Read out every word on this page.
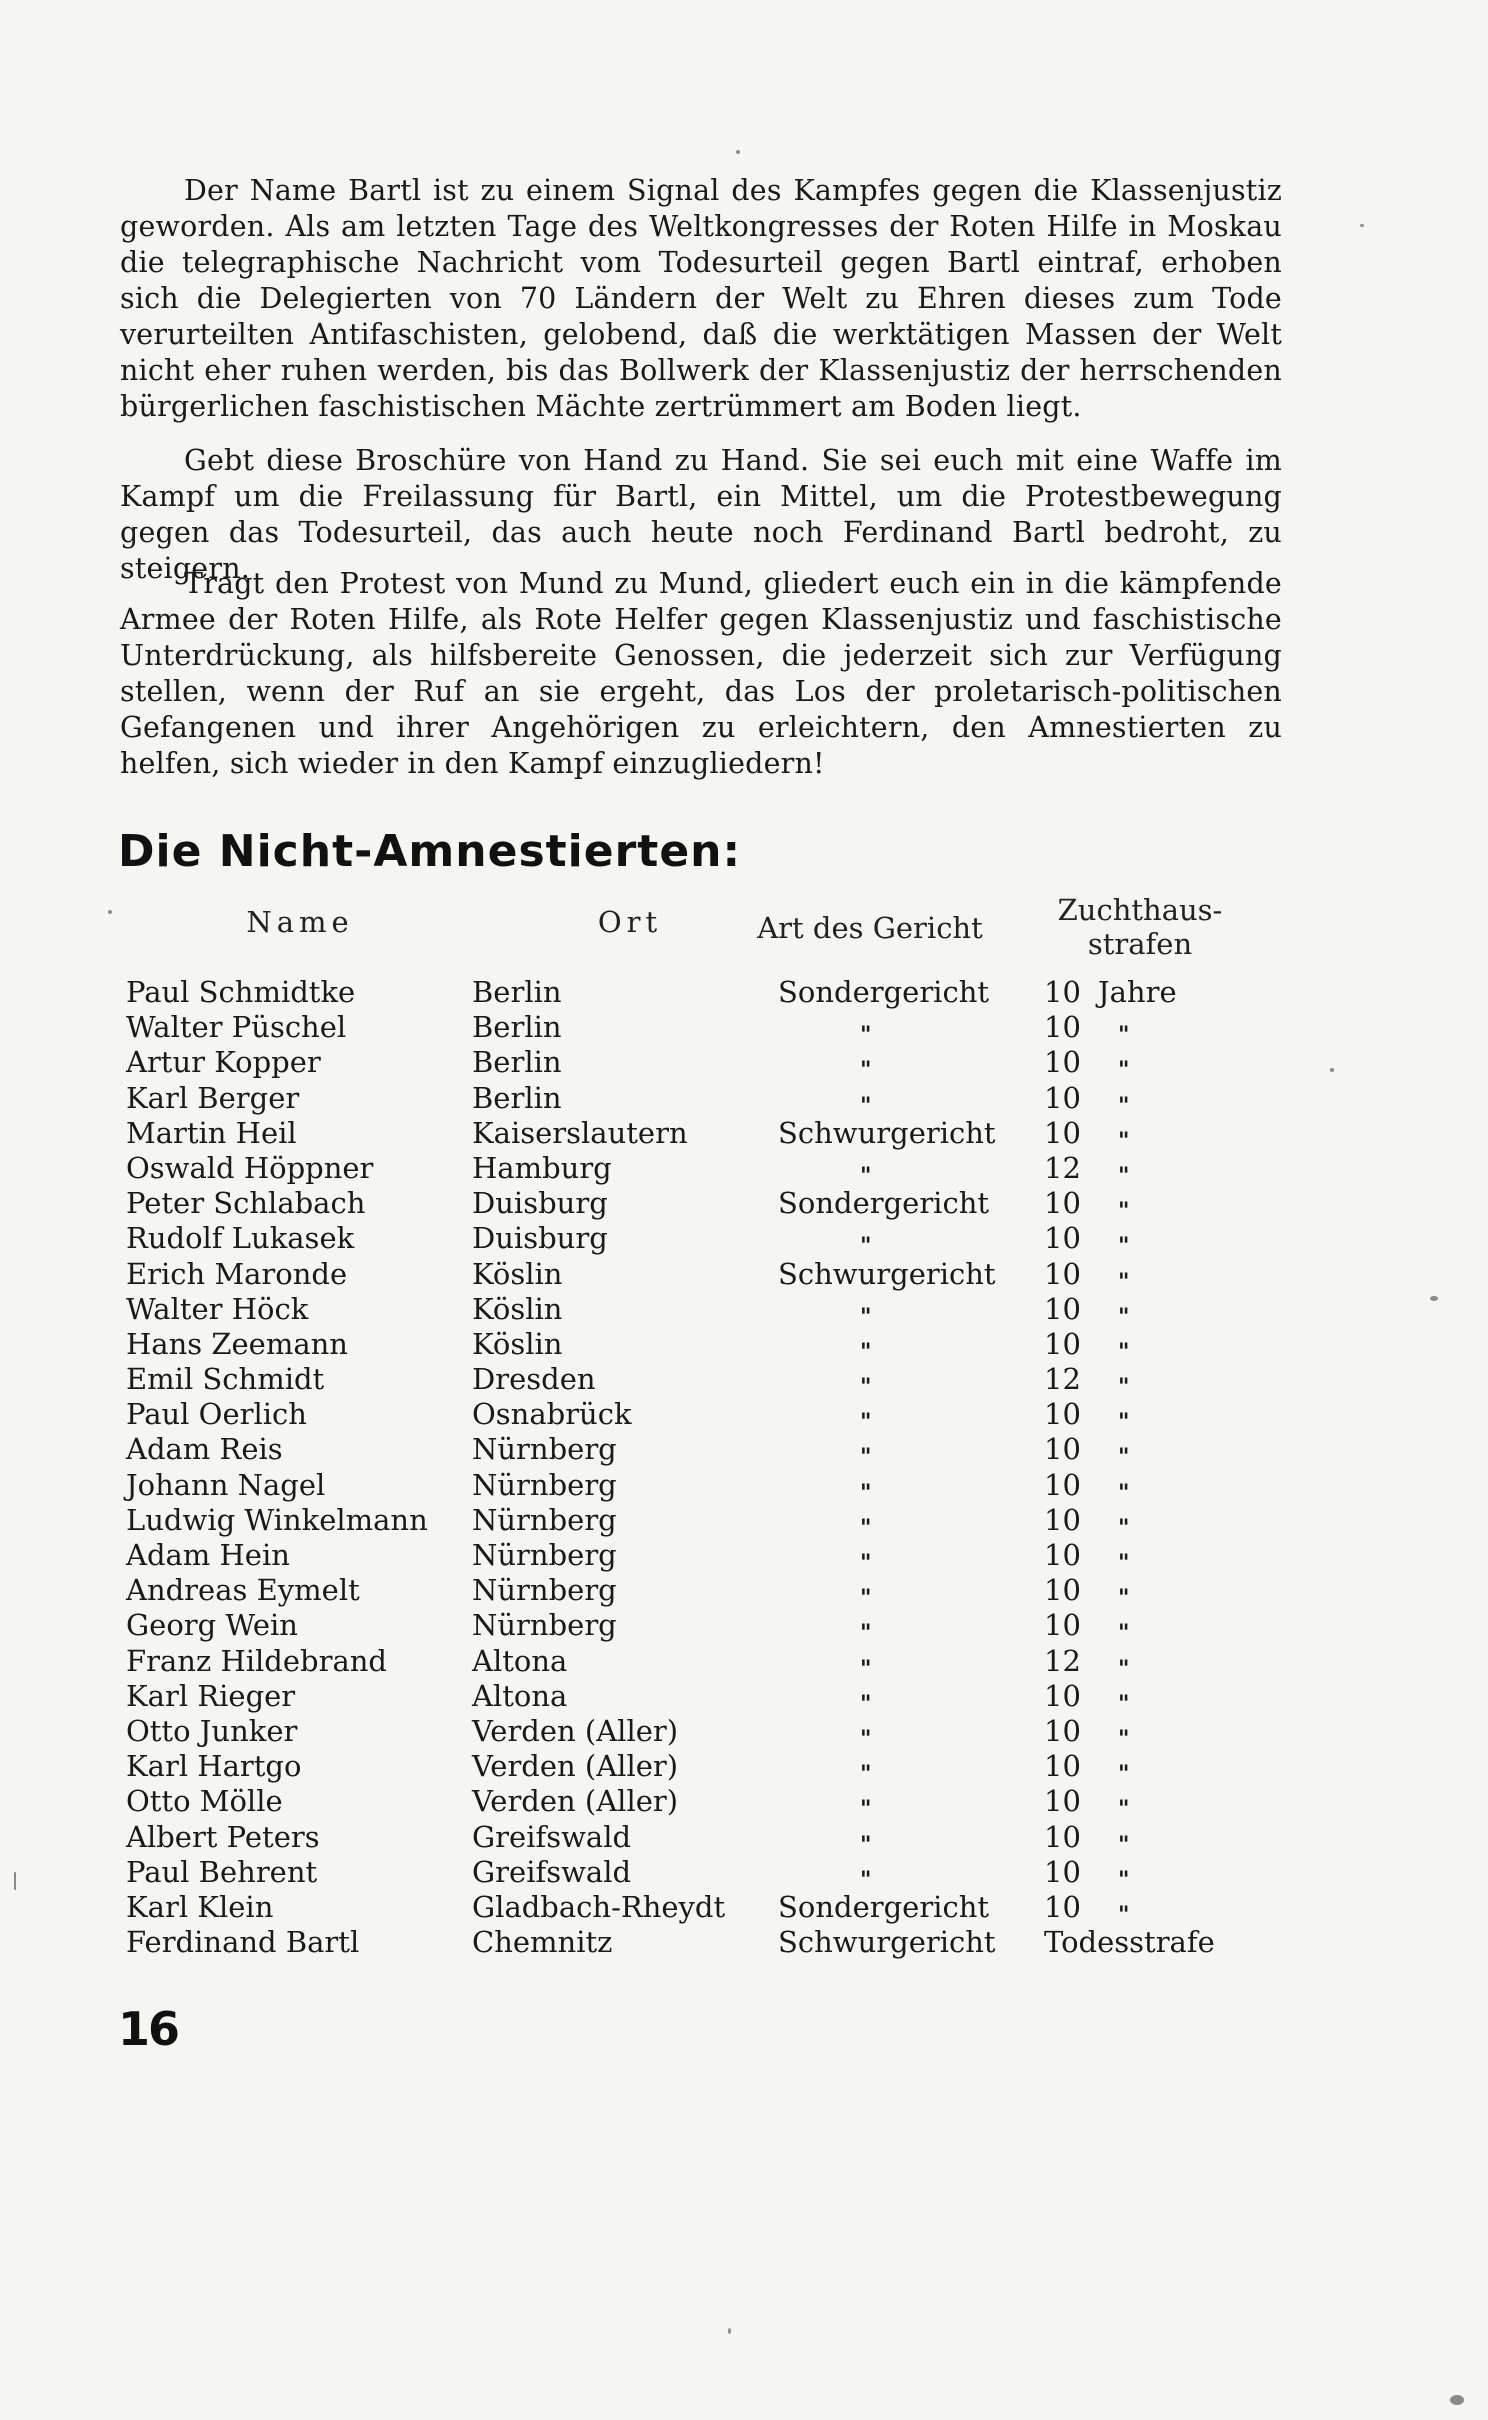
Der Name Bartl ist zu einem Signal des Kampfes gegen die Klassenjustiz geworden. Als am letzten Tage des Weltkongresses der Roten Hilfe in Moskau die telegraphische Nachricht vom Todesurteil gegen Bartl eintraf, erhoben sich die Delegierten von 70 Ländern der Welt zu Ehren dieses zum Tode verurteilten Antifaschisten, gelobend, daß die werktätigen Massen der Welt nicht eher ruhen werden, bis das Bollwerk der Klassenjustiz der herrschenden bürgerlichen faschistischen Mächte zertrümmert am Boden liegt.

Gebt diese Broschüre von Hand zu Hand. Sie sei euch mit eine Waffe im Kampf um die Freilassung für Bartl, ein Mittel, um die Protestbewegung gegen das Todesurteil, das auch heute noch Ferdinand Bartl bedroht, zu steigern.

Tragt den Protest von Mund zu Mund, gliedert euch ein in die kämpfende Armee der Roten Hilfe, als Rote Helfer gegen Klassenjustiz und faschistische Unterdrückung, als hilfsbereite Genossen, die jederzeit sich zur Verfügung stellen, wenn der Ruf an sie ergeht, das Los der proletarisch-politischen Gefangenen und ihrer Angehörigen zu erleichtern, den Amnestierten zu helfen, sich wieder in den Kampf einzugliedern!

Die Nicht-Amnestierten:
Name	Ort	Art des Gericht
Zuchthaus-
strafen
Paul Schmidtke	Berlin	Sondergericht	10 Jahre
Walter Püschel	Berlin	"	10 "
Artur Kopper	Berlin	"	10 "
Karl Berger	Berlin	"	10 "
Martin Heil	Kaiserslautern	Schwurgericht	10 "
Oswald Höppner	Hamburg	"	12 "
Peter Schlabach	Duisburg	Sondergericht	10 "
Rudolf Lukasek	Duisburg	"	10 "
Erich Maronde	Köslin	Schwurgericht	10 "
Walter Höck	Köslin	"	10 "
Hans Zeemann	Köslin	"	10 "
Emil Schmidt	Dresden	"	12 "
Paul Oerlich	Osnabrück	"	10 "
Adam Reis	Nürnberg	"	10 "
Johann Nagel	Nürnberg	"	10 "
Ludwig Winkelmann Nürnberg	"	10 "
Adam Hein	Nürnberg	"	10 "
Andreas Eymelt	Nürnberg	"	10 "
Georg Wein	Nürnberg	"	10 "
Franz Hildebrand	Altona	"	12 "
Karl Rieger	Altona	"	10 "
Otto Junker	Verden (Aller)	"	10 "
Karl Hartgo	Verden (Aller)	"	10 "
Otto Mölle	Verden (Aller)	"	10 "
Albert Peters	Greifswald	"	10 "
Paul Behrent	Greifswald	"	10 "
Karl Klein	Gladbach-Rheydt Sondergericht	10 "
Ferdinand Bartl	Chemnitz	Schwurgericht	Todesstrafe
16
